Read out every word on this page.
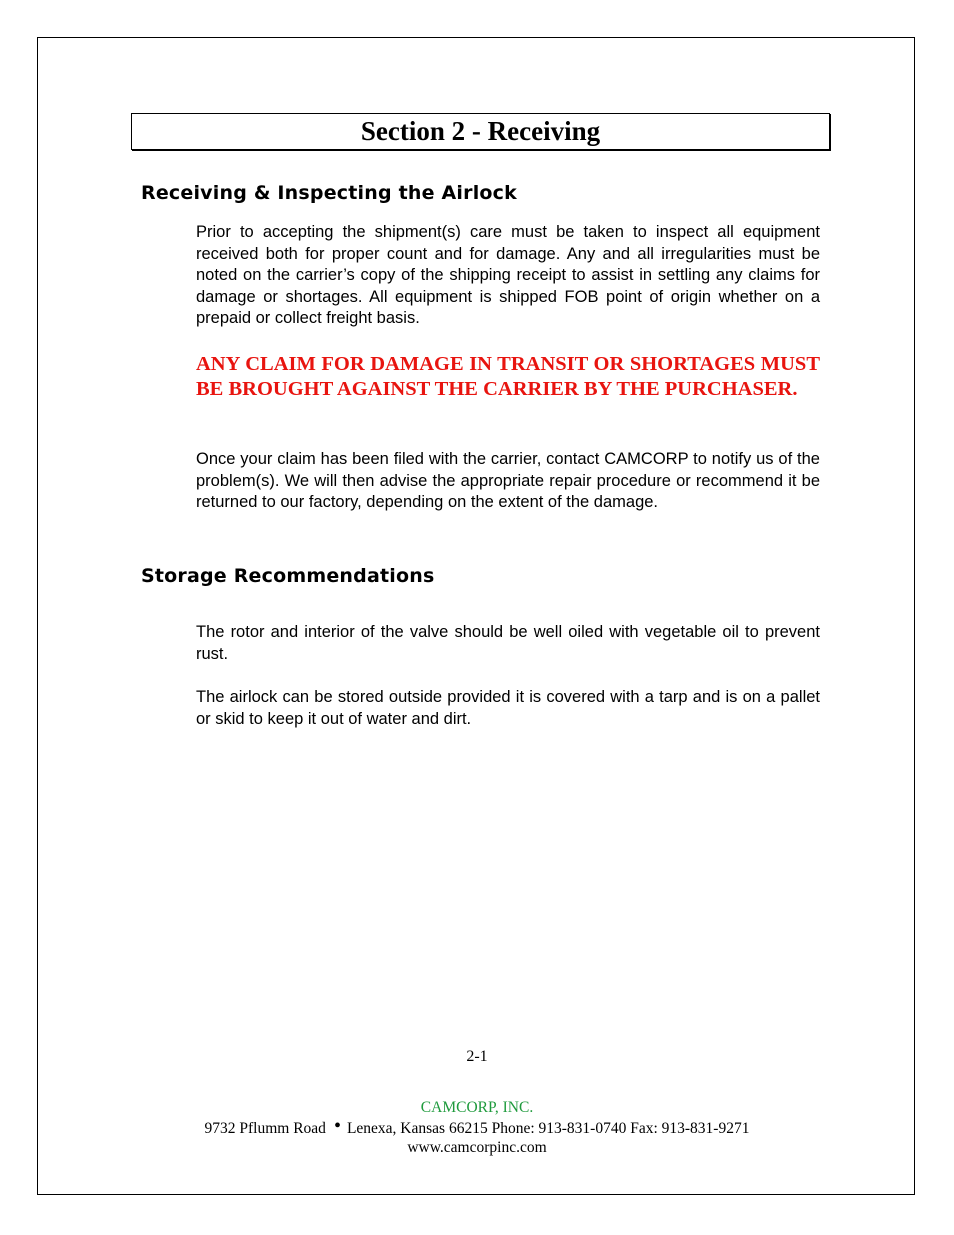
Section 2 - Receiving
Receiving & Inspecting the Airlock

Prior to accepting the shipment(s) care must be taken to inspect all equipment received both for proper count and for damage. Any and all irregularities must be noted on the carrier’s copy of the shipping receipt to assist in settling any claims for damage or shortages. All equipment is shipped FOB point of origin whether on a prepaid or collect freight basis.

ANY CLAIM FOR DAMAGE IN TRANSIT OR SHORTAGES MUST BE BROUGHT AGAINST THE CARRIER BY THE PURCHASER.

Once your claim has been filed with the carrier, contact CAMCORP to notify us of the problem(s). We will then advise the appropriate repair procedure or recommend it be returned to our factory, depending on the extent of the damage.

Storage Recommendations

The rotor and interior of the valve should be well oiled with vegetable oil to prevent rust.

The airlock can be stored outside provided it is covered with a tarp and is on a pallet or skid to keep it out of water and dirt.

2-1
CAMCORP, INC.
9732 Pflumm Road • Lenexa, Kansas 66215 Phone: 913-831-0740 Fax: 913-831-9271
www.camcorpinc.com
